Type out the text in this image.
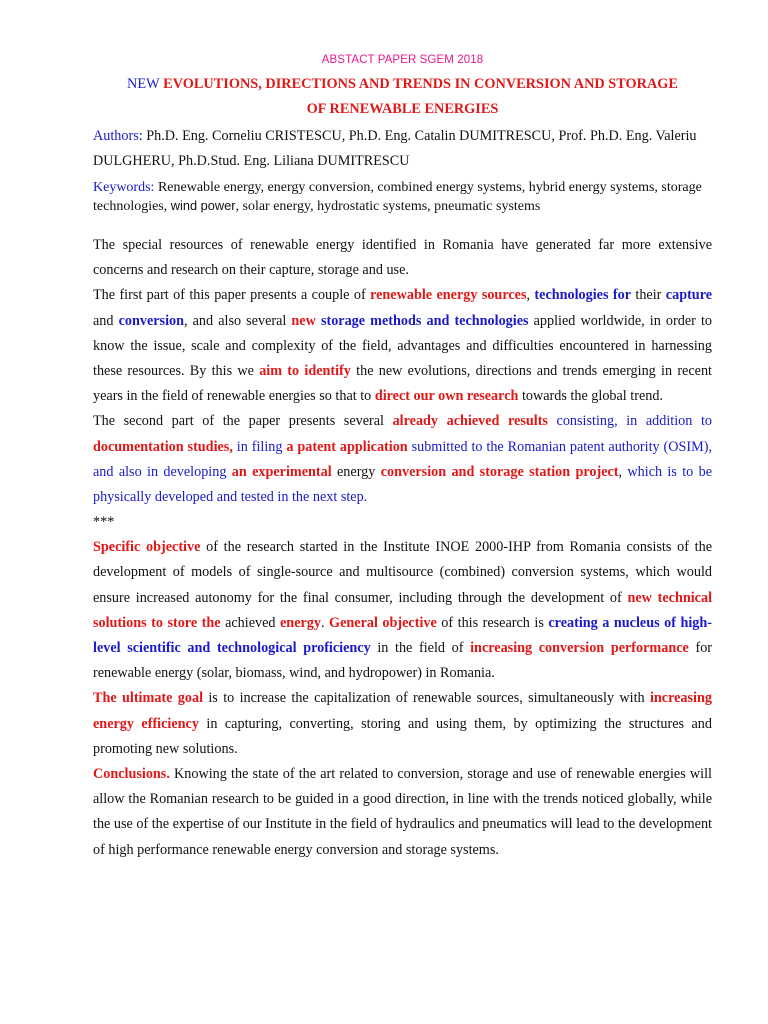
ABSTACT PAPER SGEM 2018
NEW EVOLUTIONS, DIRECTIONS AND TRENDS IN CONVERSION AND STORAGE
OF RENEWABLE ENERGIES
Authors: Ph.D. Eng. Corneliu CRISTESCU, Ph.D. Eng. Catalin DUMITRESCU, Prof. Ph.D. Eng. Valeriu DULGHERU, Ph.D.Stud. Eng. Liliana DUMITRESCU
Keywords: Renewable energy, energy conversion, combined energy systems, hybrid energy systems, storage technologies, wind power, solar energy, hydrostatic systems, pneumatic systems

The special resources of renewable energy identified in Romania have generated far more extensive concerns and research on their capture, storage and use.

The first part of this paper presents a couple of renewable energy sources, technologies for their capture and conversion, and also several new storage methods and technologies applied worldwide, in order to know the issue, scale and complexity of the field, advantages and difficulties encountered in harnessing these resources. By this we aim to identify the new evolutions, directions and trends emerging in recent years in the field of renewable energies so that to direct our own research towards the global trend.

The second part of the paper presents several already achieved results consisting, in addition to documentation studies, in filing a patent application submitted to the Romanian patent authority (OSIM), and also in developing an experimental energy conversion and storage station project, which is to be physically developed and tested in the next step.

***

Specific objective of the research started in the Institute INOE 2000-IHP from Romania consists of the development of models of single-source and multisource (combined) conversion systems, which would ensure increased autonomy for the final consumer, including through the development of new technical solutions to store the achieved energy. General objective of this research is creating a nucleus of high-level scientific and technological proficiency in the field of increasing conversion performance for renewable energy (solar, biomass, wind, and hydropower) in Romania.

The ultimate goal is to increase the capitalization of renewable sources, simultaneously with increasing energy efficiency in capturing, converting, storing and using them, by optimizing the structures and promoting new solutions.

Conclusions. Knowing the state of the art related to conversion, storage and use of renewable energies will allow the Romanian research to be guided in a good direction, in line with the trends noticed globally, while the use of the expertise of our Institute in the field of hydraulics and pneumatics will lead to the development of high performance renewable energy conversion and storage systems.
